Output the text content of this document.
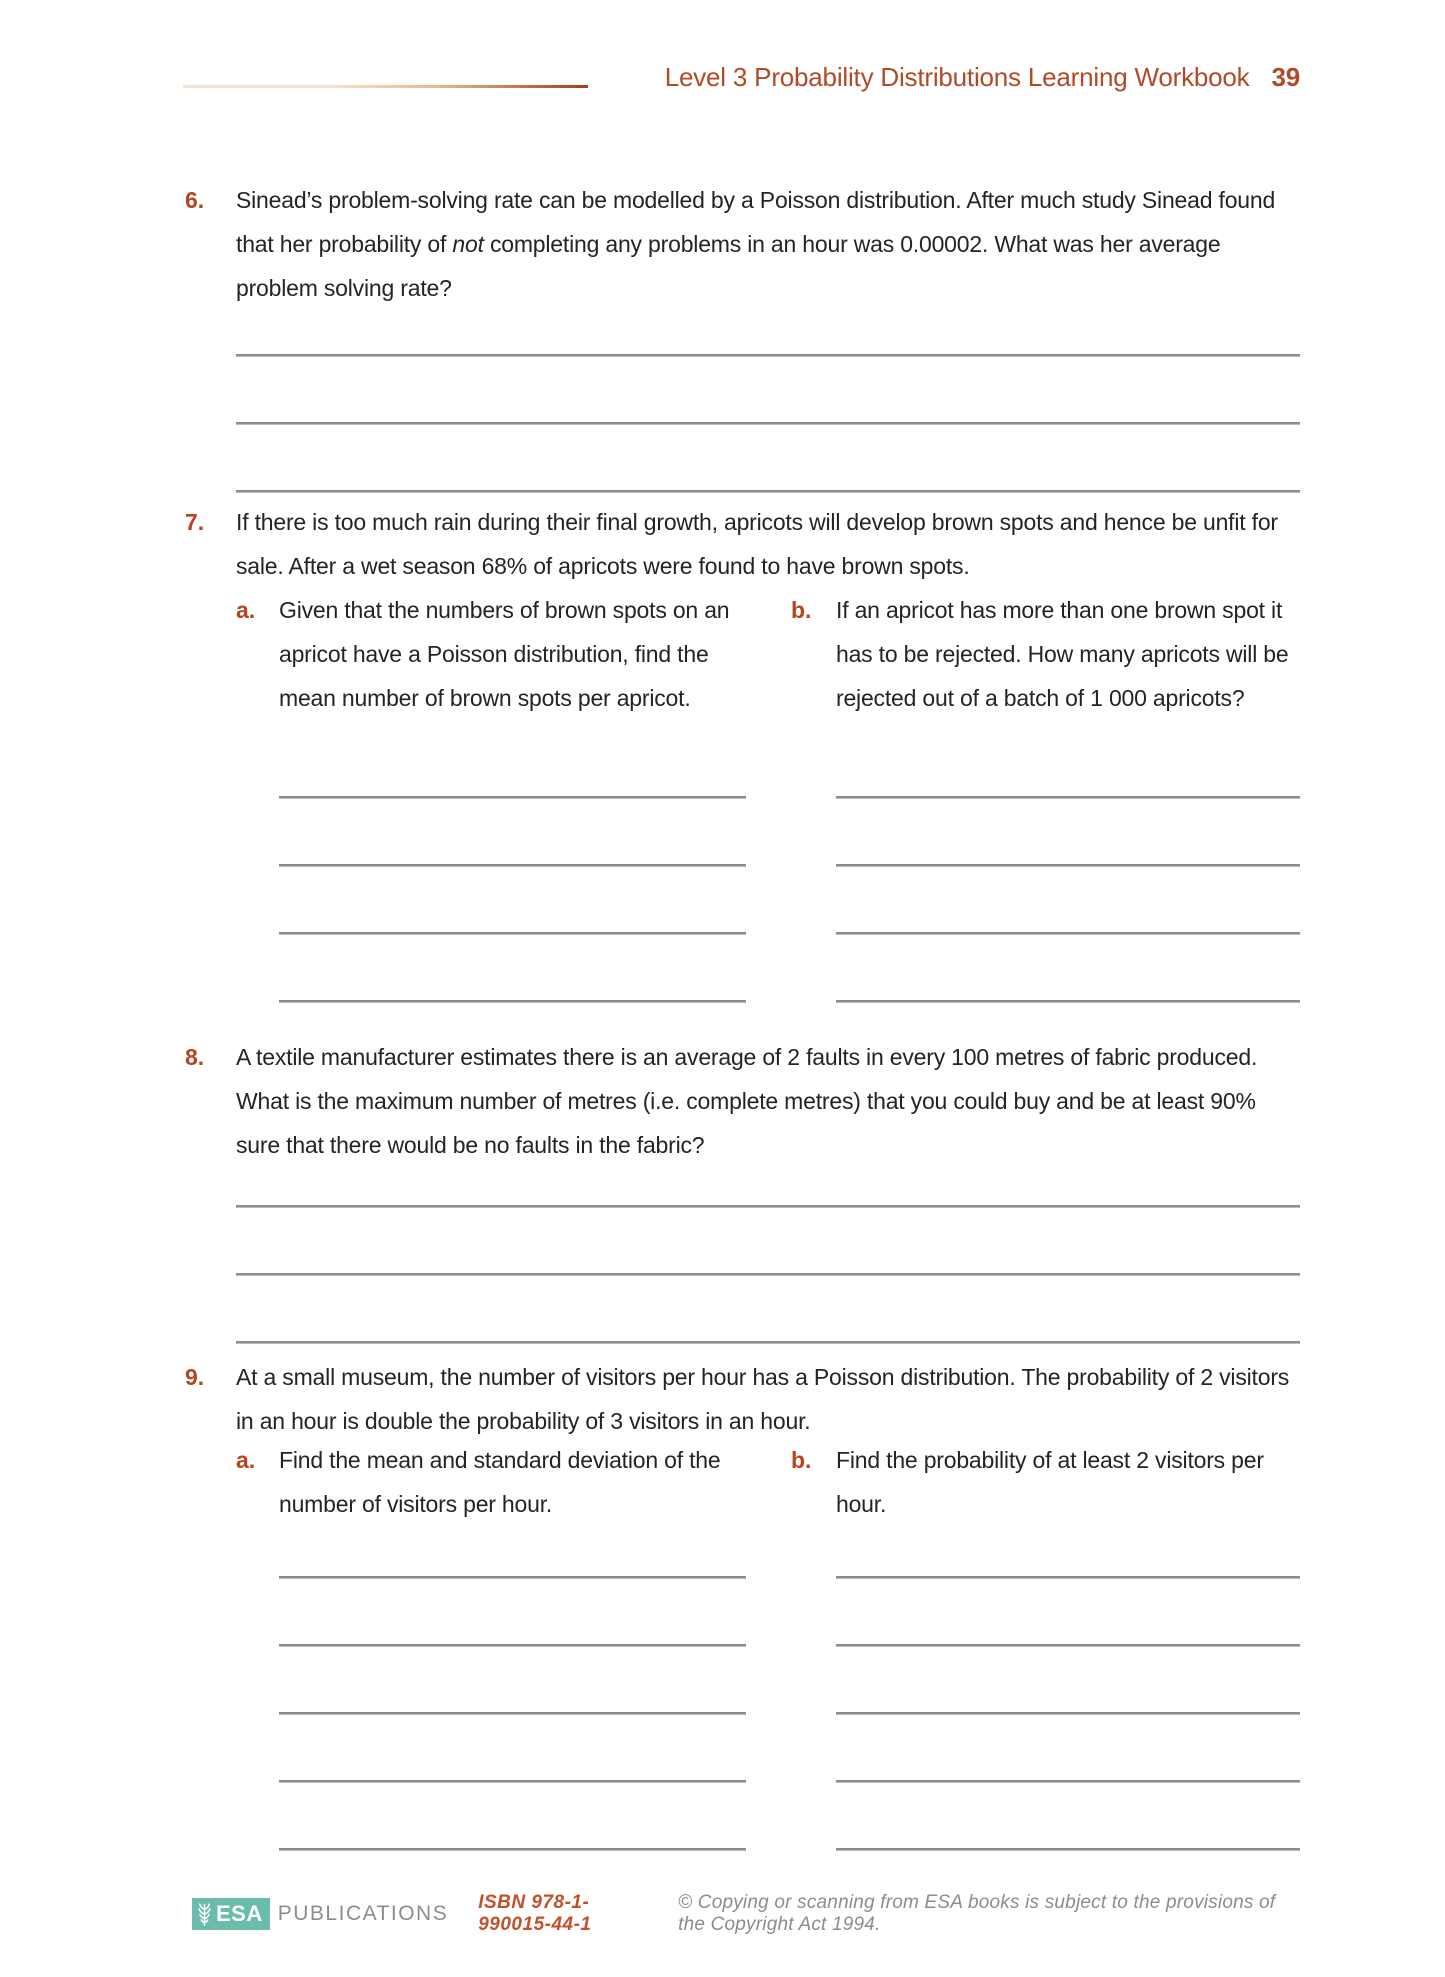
Level 3 Probability Distributions Learning Workbook 39
6.	Sinead’s problem-solving rate can be modelled by a Poisson distribution. After much study Sinead found that her probability of not completing any problems in an hour was 0.00002. What was her average problem solving rate?
7.	If there is too much rain during their final growth, apricots will develop brown spots and hence be unfit for sale. After a wet season 68% of apricots were found to have brown spots.
a.	Given that the numbers of brown spots on an apricot have a Poisson distribution, find the mean number of brown spots per apricot.
b.	If an apricot has more than one brown spot it has to be rejected. How many apricots will be rejected out of a batch of 1 000 apricots?
8.	A textile manufacturer estimates there is an average of 2 faults in every 100 metres of fabric produced. What is the maximum number of metres (i.e. complete metres) that you could buy and be at least 90% sure that there would be no faults in the fabric?
9.	At a small museum, the number of visitors per hour has a Poisson distribution. The probability of 2 visitors in an hour is double the probability of 3 visitors in an hour.
a.	Find the mean and standard deviation of the number of visitors per hour.
b.	Find the probability of at least 2 visitors per hour.
ESA PUBLICATIONS ISBN 978-1-990015-44-1
© Copying or scanning from ESA books is subject to the provisions of the Copyright Act 1994.
